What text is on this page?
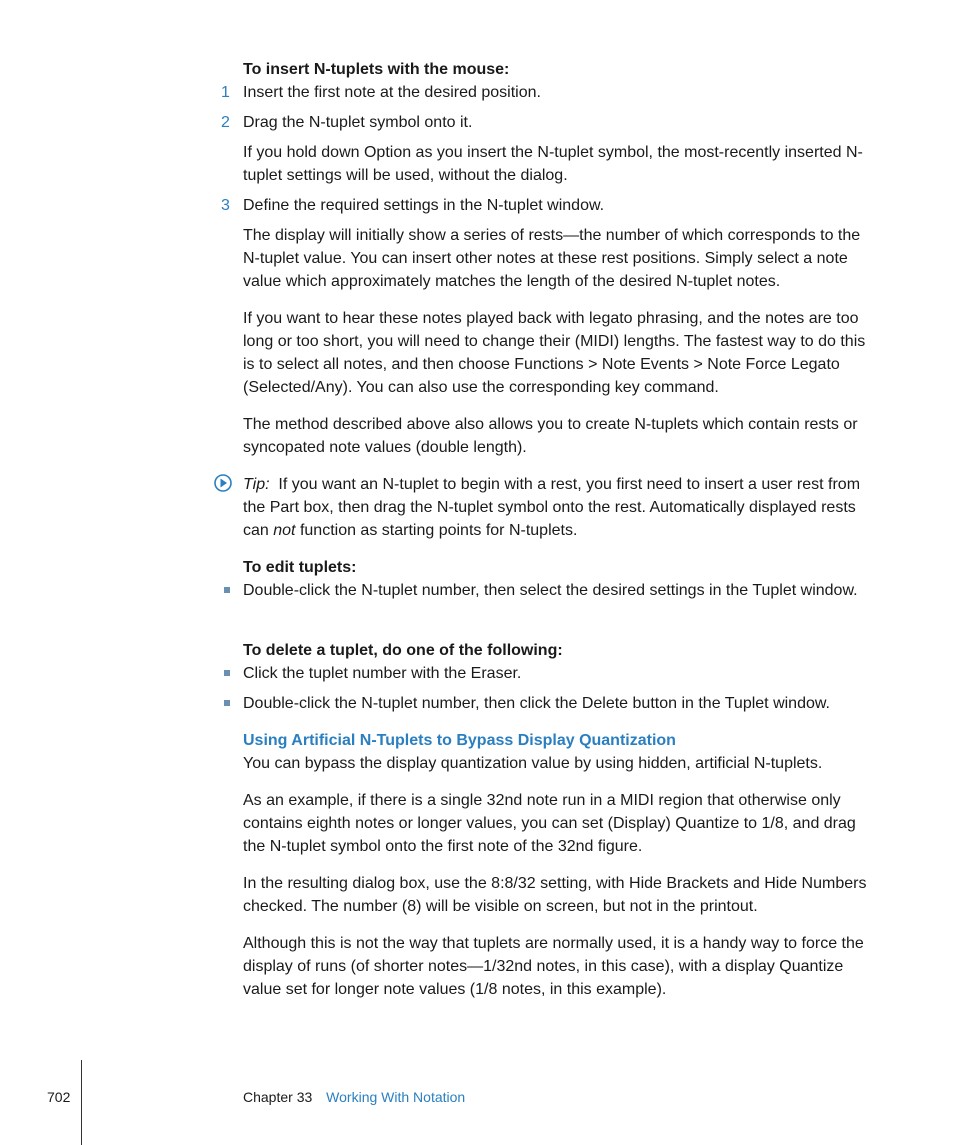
To insert N-tuplets with the mouse:
1 Insert the first note at the desired position.
2 Drag the N-tuplet symbol onto it.

If you hold down Option as you insert the N-tuplet symbol, the most-recently inserted N-tuplet settings will be used, without the dialog.

3 Define the required settings in the N-tuplet window.

The display will initially show a series of rests—the number of which corresponds to the N-tuplet value. You can insert other notes at these rest positions. Simply select a note value which approximately matches the length of the desired N-tuplet notes.

If you want to hear these notes played back with legato phrasing, and the notes are too long or too short, you will need to change their (MIDI) lengths. The fastest way to do this is to select all notes, and then choose Functions > Note Events > Note Force Legato (Selected/Any). You can also use the corresponding key command.

The method described above also allows you to create N-tuplets which contain rests or syncopated note values (double length).

Tip: If you want an N-tuplet to begin with a rest, you first need to insert a user rest from the Part box, then drag the N-tuplet symbol onto the rest. Automatically displayed rests can not function as starting points for N-tuplets.

To edit tuplets:

Double-click the N-tuplet number, then select the desired settings in the Tuplet window.

To delete a tuplet, do one of the following:

Click the tuplet number with the Eraser.

Double-click the N-tuplet number, then click the Delete button in the Tuplet window.

Using Artificial N-Tuplets to Bypass Display Quantization

You can bypass the display quantization value by using hidden, artificial N-tuplets.

As an example, if there is a single 32nd note run in a MIDI region that otherwise only contains eighth notes or longer values, you can set (Display) Quantize to 1/8, and drag the N-tuplet symbol onto the first note of the 32nd figure.

In the resulting dialog box, use the 8:8/32 setting, with Hide Brackets and Hide Numbers checked. The number (8) will be visible on screen, but not in the printout.

Although this is not the way that tuplets are normally used, it is a handy way to force the display of runs (of shorter notes—1/32nd notes, in this case), with a display Quantize value set for longer note values (1/8 notes, in this example).

702	Chapter 33 Working With Notation
